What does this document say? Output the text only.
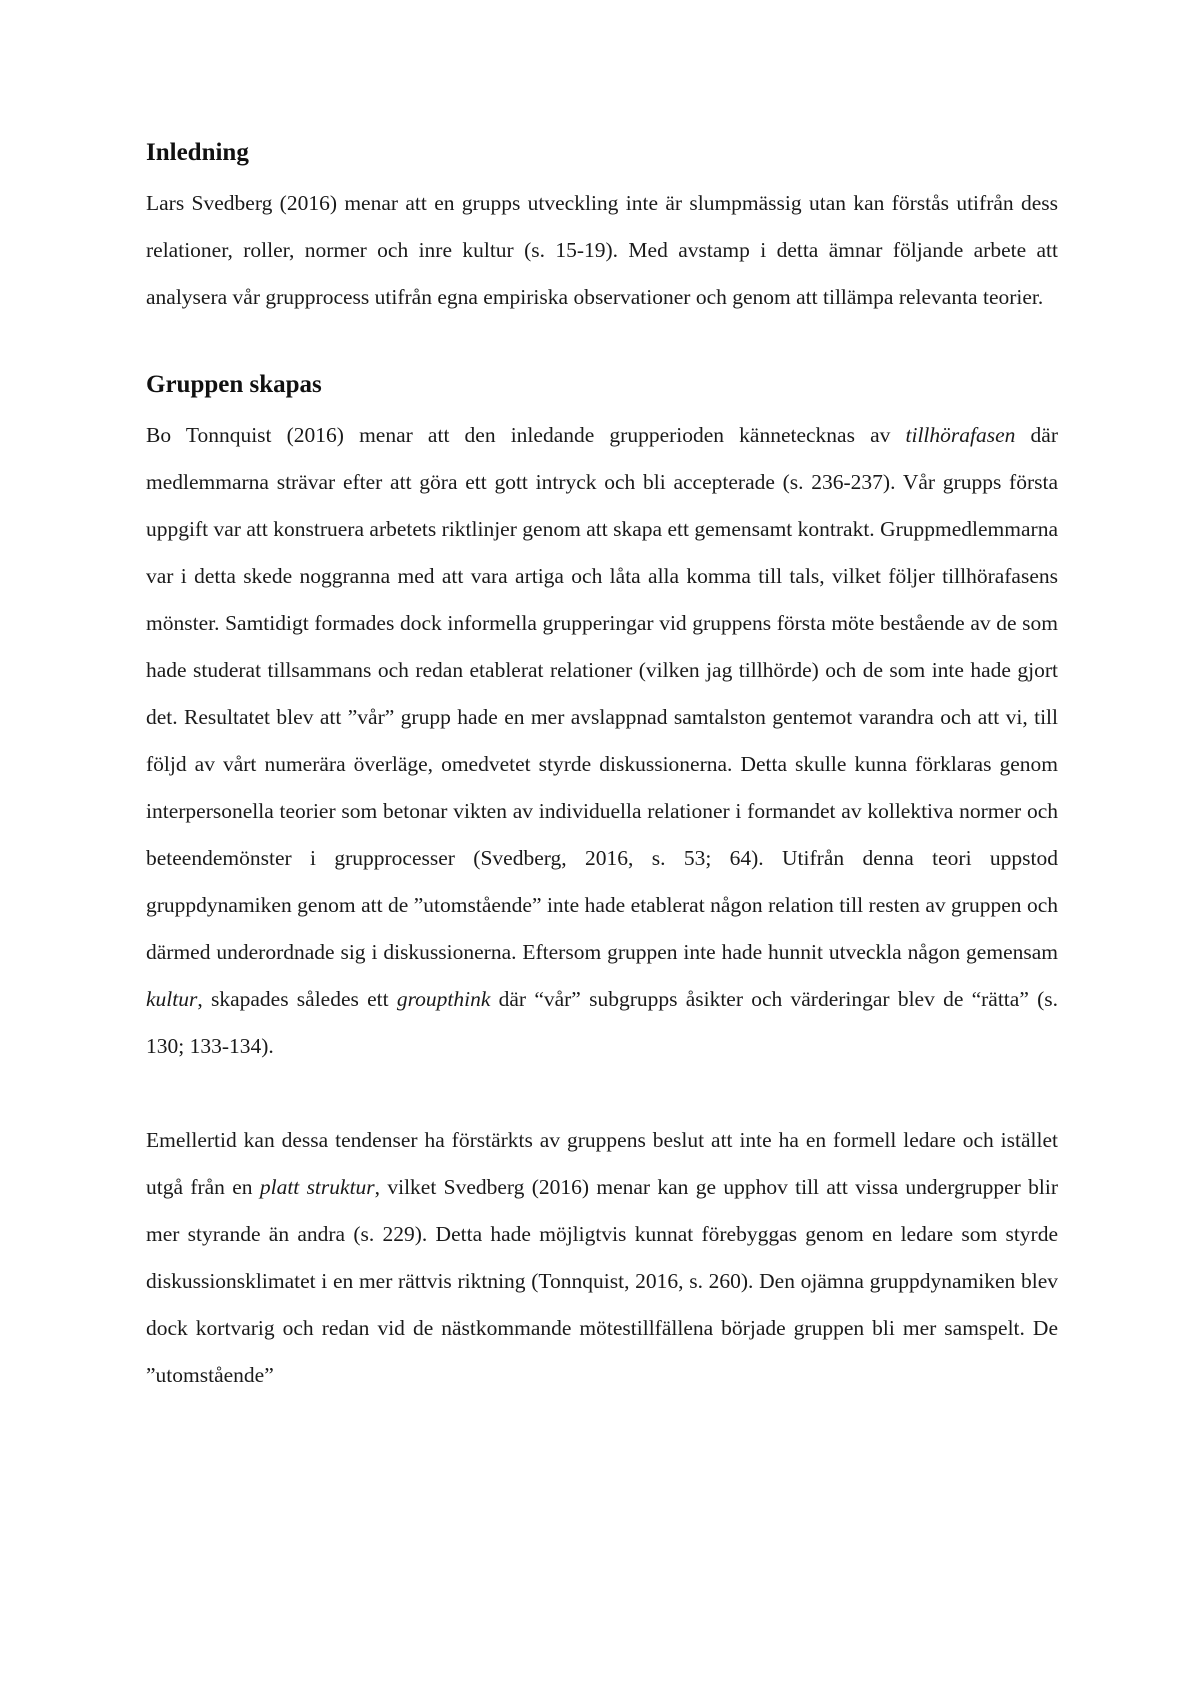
Inledning

Lars Svedberg (2016) menar att en grupps utveckling inte är slumpmässig utan kan förstås utifrån dess relationer, roller, normer och inre kultur (s. 15-19). Med avstamp i detta ämnar följande arbete att analysera vår grupprocess utifrån egna empiriska observationer och genom att tillämpa relevanta teorier.

Gruppen skapas

Bo Tonnquist (2016) menar att den inledande grupperioden kännetecknas av tillhörafasen där medlemmarna strävar efter att göra ett gott intryck och bli accepterade (s. 236-237). Vår grupps första uppgift var att konstruera arbetets riktlinjer genom att skapa ett gemensamt kontrakt. Gruppmedlemmarna var i detta skede noggranna med att vara artiga och låta alla komma till tals, vilket följer tillhörafasens mönster. Samtidigt formades dock informella grupperingar vid gruppens första möte bestående av de som hade studerat tillsammans och redan etablerat relationer (vilken jag tillhörde) och de som inte hade gjort det. Resultatet blev att ”vår” grupp hade en mer avslappnad samtalston gentemot varandra och att vi, till följd av vårt numerära överläge, omedvetet styrde diskussionerna. Detta skulle kunna förklaras genom interpersonella teorier som betonar vikten av individuella relationer i formandet av kollektiva normer och beteendemönster i grupprocesser (Svedberg, 2016, s. 53; 64). Utifrån denna teori uppstod gruppdynamiken genom att de ”utomstående” inte hade etablerat någon relation till resten av gruppen och därmed underordnade sig i diskussionerna. Eftersom gruppen inte hade hunnit utveckla någon gemensam kultur, skapades således ett groupthink där “vår” subgrupps åsikter och värderingar blev de “rätta” (s. 130; 133-134).

Emellertid kan dessa tendenser ha förstärkts av gruppens beslut att inte ha en formell ledare och istället utgå från en platt struktur, vilket Svedberg (2016) menar kan ge upphov till att vissa undergrupper blir mer styrande än andra (s. 229). Detta hade möjligtvis kunnat förebyggas genom en ledare som styrde diskussionsklimatet i en mer rättvis riktning (Tonnquist, 2016, s. 260). Den ojämna gruppdynamiken blev dock kortvarig och redan vid de nästkommande mötestillfällena började gruppen bli mer samspelt. De ”utomstående”
